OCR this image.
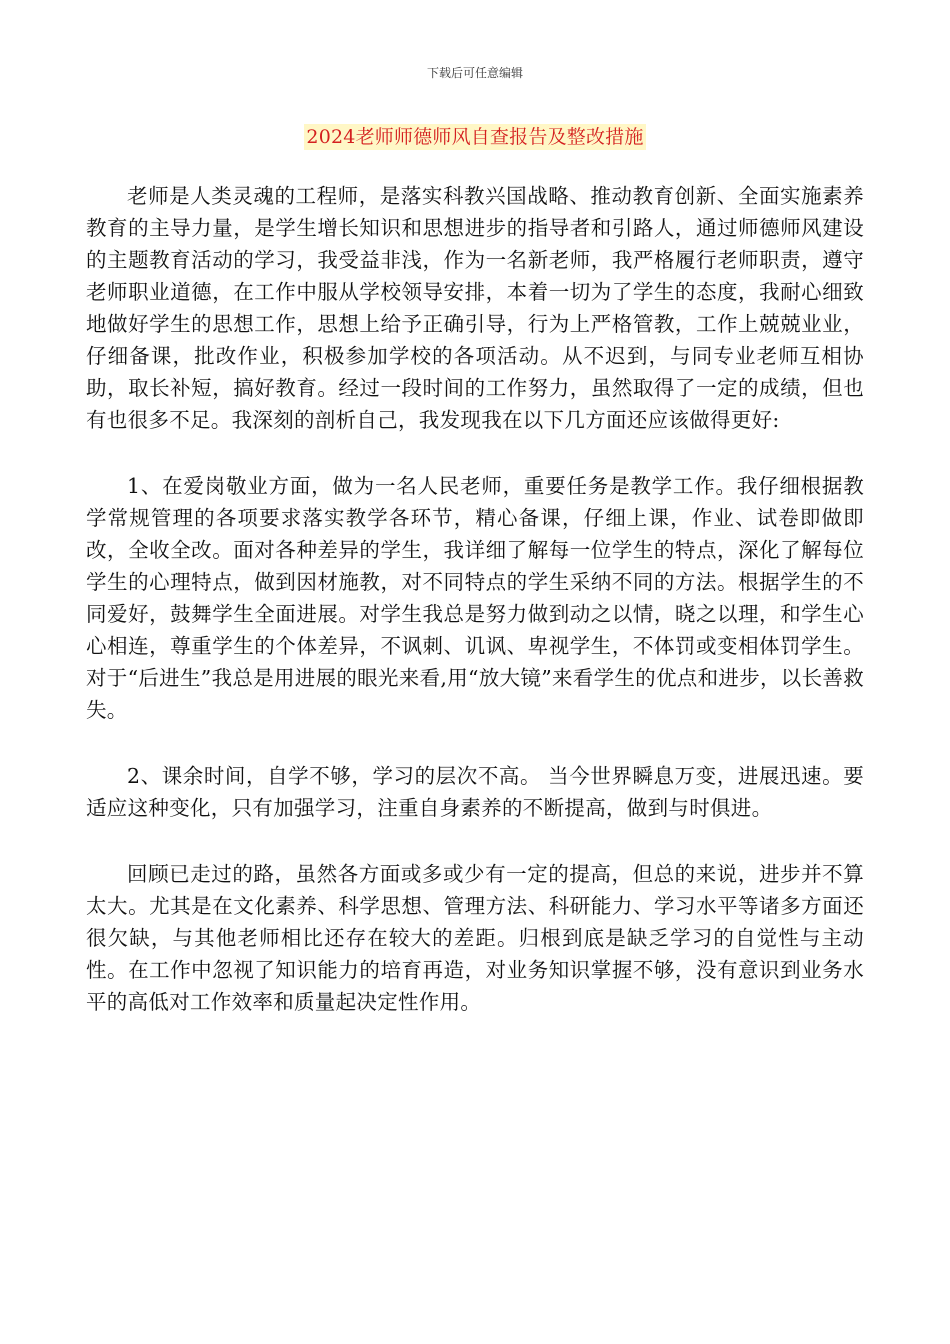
下载后可任意编辑
2024老师师德师风自查报告及整改措施

老师是人类灵魂的工程师，是落实科教兴国战略、推动教育创新、全面实施素养教育的主导力量，是学生增长知识和思想进步的指导者和引路人，通过师德师风建设的主题教育活动的学习，我受益非浅，作为一名新老师，我严格履行老师职责，遵守老师职业道德，在工作中服从学校领导安排，本着一切为了学生的态度，我耐心细致地做好学生的思想工作，思想上给予正确引导，行为上严格管教，工作上兢兢业业，仔细备课，批改作业，积极参加学校的各项活动。从不迟到，与同专业老师互相协助，取长补短，搞好教育。经过一段时间的工作努力，虽然取得了一定的成绩，但也有也很多不足。我深刻的剖析自己，我发现我在以下几方面还应该做得更好:

1、在爱岗敬业方面，做为一名人民老师，重要任务是教学工作。我仔细根据教学常规管理的各项要求落实教学各环节，精心备课，仔细上课，作业、试卷即做即改，全收全改。面对各种差异的学生，我详细了解每一位学生的特点，深化了解每位学生的心理特点，做到因材施教，对不同特点的学生采纳不同的方法。根据学生的不同爱好，鼓舞学生全面进展。对学生我总是努力做到动之以情，晓之以理，和学生心心相连，尊重学生的个体差异，不讽刺、讥讽、卑视学生，不体罚或变相体罚学生。对于“后进生”我总是用进展的眼光来看,用“放大镜”来看学生的优点和进步，以长善救失。

2、课余时间，自学不够，学习的层次不高。 当今世界瞬息万变，进展迅速。要适应这种变化，只有加强学习，注重自身素养的不断提高，做到与时俱进。

回顾已走过的路，虽然各方面或多或少有一定的提高，但总的来说，进步并不算太大。尤其是在文化素养、科学思想、管理方法、科研能力、学习水平等诸多方面还很欠缺，与其他老师相比还存在较大的差距。归根到底是缺乏学习的自觉性与主动性。在工作中忽视了知识能力的培育再造，对业务知识掌握不够，没有意识到业务水平的高低对工作效率和质量起决定性作用。
